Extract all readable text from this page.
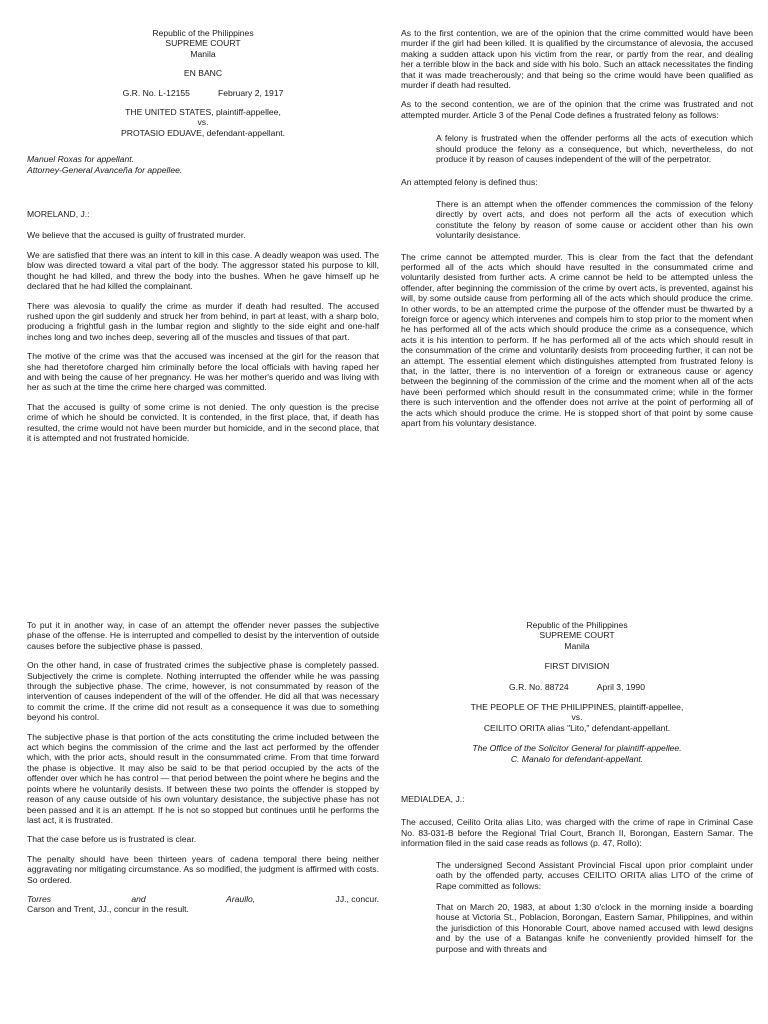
Republic of the Philippines

SUPREME COURT

Manila

EN BANC

G.R. No. L-12155	February 2, 1917

THE UNITED STATES, plaintiff-appellee,

vs.

PROTASIO EDUAVE, defendant-appellant.

Manuel Roxas for appellant.

Attorney-General Avanceña for appellee.

MORELAND, J.:

We believe that the accused is guilty of frustrated murder.

We are satisfied that there was an intent to kill in this case. A deadly weapon was used. The blow was directed toward a vital part of the body. The aggressor stated his purpose to kill, thought he had killed, and threw the body into the bushes. When he gave himself up he declared that he had killed the complainant.

There was alevosia to qualify the crime as murder if death had resulted. The accused rushed upon the girl suddenly and struck her from behind, in part at least, with a sharp bolo, producing a frightful gash in the lumbar region and slightly to the side eight and one-half inches long and two inches deep, severing all of the muscles and tissues of that part.

The motive of the crime was that the accused was incensed at the girl for the reason that she had theretofore charged him criminally before the local officials with having raped her and with being the cause of her pregnancy. He was her mother's querido and was living with her as such at the time the crime here charged was committed.

That the accused is guilty of some crime is not denied. The only question is the precise crime of which he should be convicted. It is contended, in the first place, that, if death has resulted, the crime would not have been murder but homicide, and in the second place, that it is attempted and not frustrated homicide.

As to the first contention, we are of the opinion that the crime committed would have been murder if the girl had been killed. It is qualified by the circumstance of alevosia, the accused making a sudden attack upon his victim from the rear, or partly from the rear, and dealing her a terrible blow in the back and side with his bolo. Such an attack necessitates the finding that it was made treacherously; and that being so the crime would have been qualified as murder if death had resulted.

As to the second contention, we are of the opinion that the crime was frustrated and not attempted murder. Article 3 of the Penal Code defines a frustrated felony as follows:

A felony is frustrated when the offender performs all the acts of execution which should produce the felony as a consequence, but which, nevertheless, do not produce it by reason of causes independent of the will of the perpetrator.

An attempted felony is defined thus:

There is an attempt when the offender commences the commission of the felony directly by overt acts, and does not perform all the acts of execution which constitute the felony by reason of some cause or accident other than his own voluntarily desistance.

The crime cannot be attempted murder. This is clear from the fact that the defendant performed all of the acts which should have resulted in the consummated crime and voluntarily desisted from further acts. A crime cannot be held to be attempted unless the offender, after beginning the commission of the crime by overt acts, is prevented, against his will, by some outside cause from performing all of the acts which should produce the crime. In other words, to be an attempted crime the purpose of the offender must be thwarted by a foreign force or agency which intervenes and compels him to stop prior to the moment when he has performed all of the acts which should produce the crime as a consequence, which acts it is his intention to perform. If he has performed all of the acts which should result in the consummation of the crime and voluntarily desists from proceeding further, it can not be an attempt. The essential element which distinguishes attempted from frustrated felony is that, in the latter, there is no intervention of a foreign or extraneous cause or agency between the beginning of the commission of the crime and the moment when all of the acts have been performed which should result in the consummated crime; while in the former there is such intervention and the offender does not arrive at the point of performing all of the acts which should produce the crime. He is stopped short of that point by some cause apart from his voluntary desistance.

To put it in another way, in case of an attempt the offender never passes the subjective phase of the offense. He is interrupted and compelled to desist by the intervention of outside causes before the subjective phase is passed.

On the other hand, in case of frustrated crimes the subjective phase is completely passed. Subjectively the crime is complete. Nothing interrupted the offender while he was passing through the subjective phase. The crime, however, is not consummated by reason of the intervention of causes independent of the will of the offender. He did all that was necessary to commit the crime. If the crime did not result as a consequence it was due to something beyond his control.

The subjective phase is that portion of the acts constituting the crime included between the act which begins the commission of the crime and the last act performed by the offender which, with the prior acts, should result in the consummated crime. From that time forward the phase is objective. It may also be said to be that period occupied by the acts of the offender over which he has control — that period between the point where he begins and the points where he voluntarily desists. If between these two points the offender is stopped by reason of any cause outside of his own voluntary desistance, the subjective phase has not been passed and it is an attempt. If he is not so stopped but continues until he performs the last act, it is frustrated.

That the case before us is frustrated is clear.

The penalty should have been thirteen years of cadena temporal there being neither aggravating nor mitigating circumstance. As so modified, the judgment is affirmed with costs. So ordered.

Torres	and	Araullo,	JJ., concur.

Carson and Trent, JJ., concur in the result.

Republic of the Philippines

SUPREME COURT

Manila

FIRST DIVISION

G.R. No. 88724	April 3, 1990

THE PEOPLE OF THE PHILIPPINES, plaintiff-appellee,

vs.

CEILITO ORITA alias "Lito," defendant-appellant.

The Office of the Solicitor General for plaintiff-appellee.

C. Manalo for defendant-appellant.

MEDIALDEA, J.:

The accused, Ceilito Orita alias Lito, was charged with the crime of rape in Criminal Case No. 83-031-B before the Regional Trial Court, Branch II, Borongan, Eastern Samar. The information filed in the said case reads as follows (p. 47, Rollo):

The undersigned Second Assistant Provincial Fiscal upon prior complaint under oath by the offended party, accuses CEILITO ORITA alias LITO of the crime of Rape committed as follows:

That on March 20, 1983, at about 1:30 o'clock in the morning inside a boarding house at Victoria St., Poblacion, Borongan, Eastern Samar, Philippines, and within the jurisdiction of this Honorable Court, above named accused with lewd designs and by the use of a Batangas knife he conveniently provided himself for the purpose and with threats and
